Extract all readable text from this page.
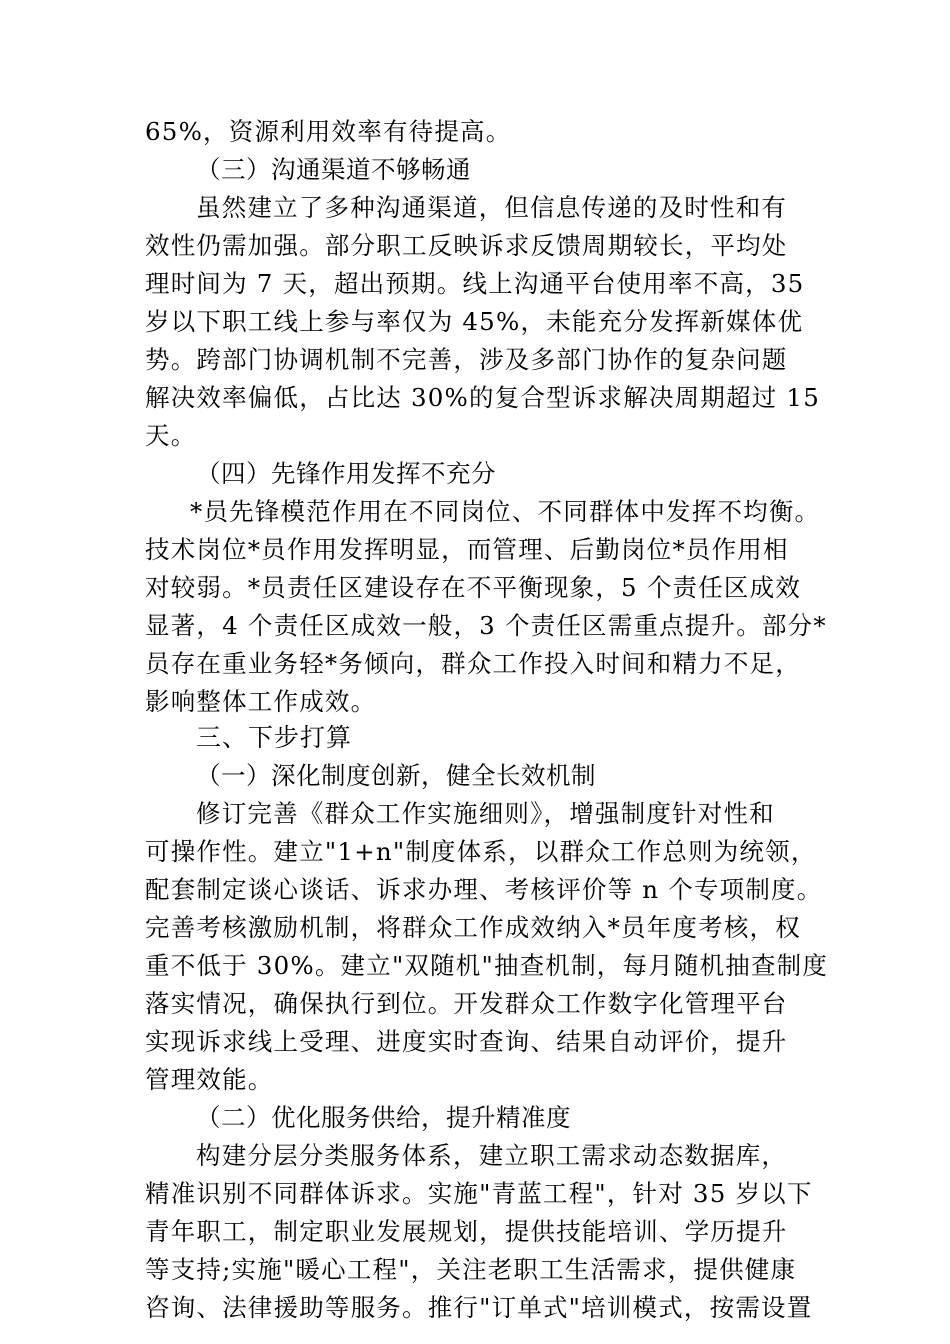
65%，资源利用效率有待提高。
（三）沟通渠道不够畅通
虽然建立了多种沟通渠道，但信息传递的及时性和有
效性仍需加强。部分职工反映诉求反馈周期较长，平均处
理时间为 7 天，超出预期。线上沟通平台使用率不高，35
岁以下职工线上参与率仅为 45%，未能充分发挥新媒体优
势。跨部门协调机制不完善，涉及多部门协作的复杂问题
解决效率偏低，占比达 30%的复合型诉求解决周期超过 15
天。
（四）先锋作用发挥不充分
*员先锋模范作用在不同岗位、不同群体中发挥不均衡。
技术岗位*员作用发挥明显，而管理、后勤岗位*员作用相
对较弱。*员责任区建设存在不平衡现象，5 个责任区成效
显著，4 个责任区成效一般，3 个责任区需重点提升。部分*
员存在重业务轻*务倾向，群众工作投入时间和精力不足，
影响整体工作成效。
三、下步打算
（一）深化制度创新，健全长效机制
修订完善《群众工作实施细则》，增强制度针对性和
可操作性。建立"1+n"制度体系，以群众工作总则为统领，
配套制定谈心谈话、诉求办理、考核评价等 n 个专项制度。
完善考核激励机制，将群众工作成效纳入*员年度考核，权
重不低于 30%。建立"双随机"抽查机制，每月随机抽查制度
落实情况，确保执行到位。开发群众工作数字化管理平台
实现诉求线上受理、进度实时查询、结果自动评价，提升
管理效能。
（二）优化服务供给，提升精准度
构建分层分类服务体系，建立职工需求动态数据库，
精准识别不同群体诉求。实施"青蓝工程"，针对 35 岁以下
青年职工，制定职业发展规划，提供技能培训、学历提升
等支持;实施"暖心工程"，关注老职工生活需求，提供健康
咨询、法律援助等服务。推行"订单式"培训模式，按需设置
